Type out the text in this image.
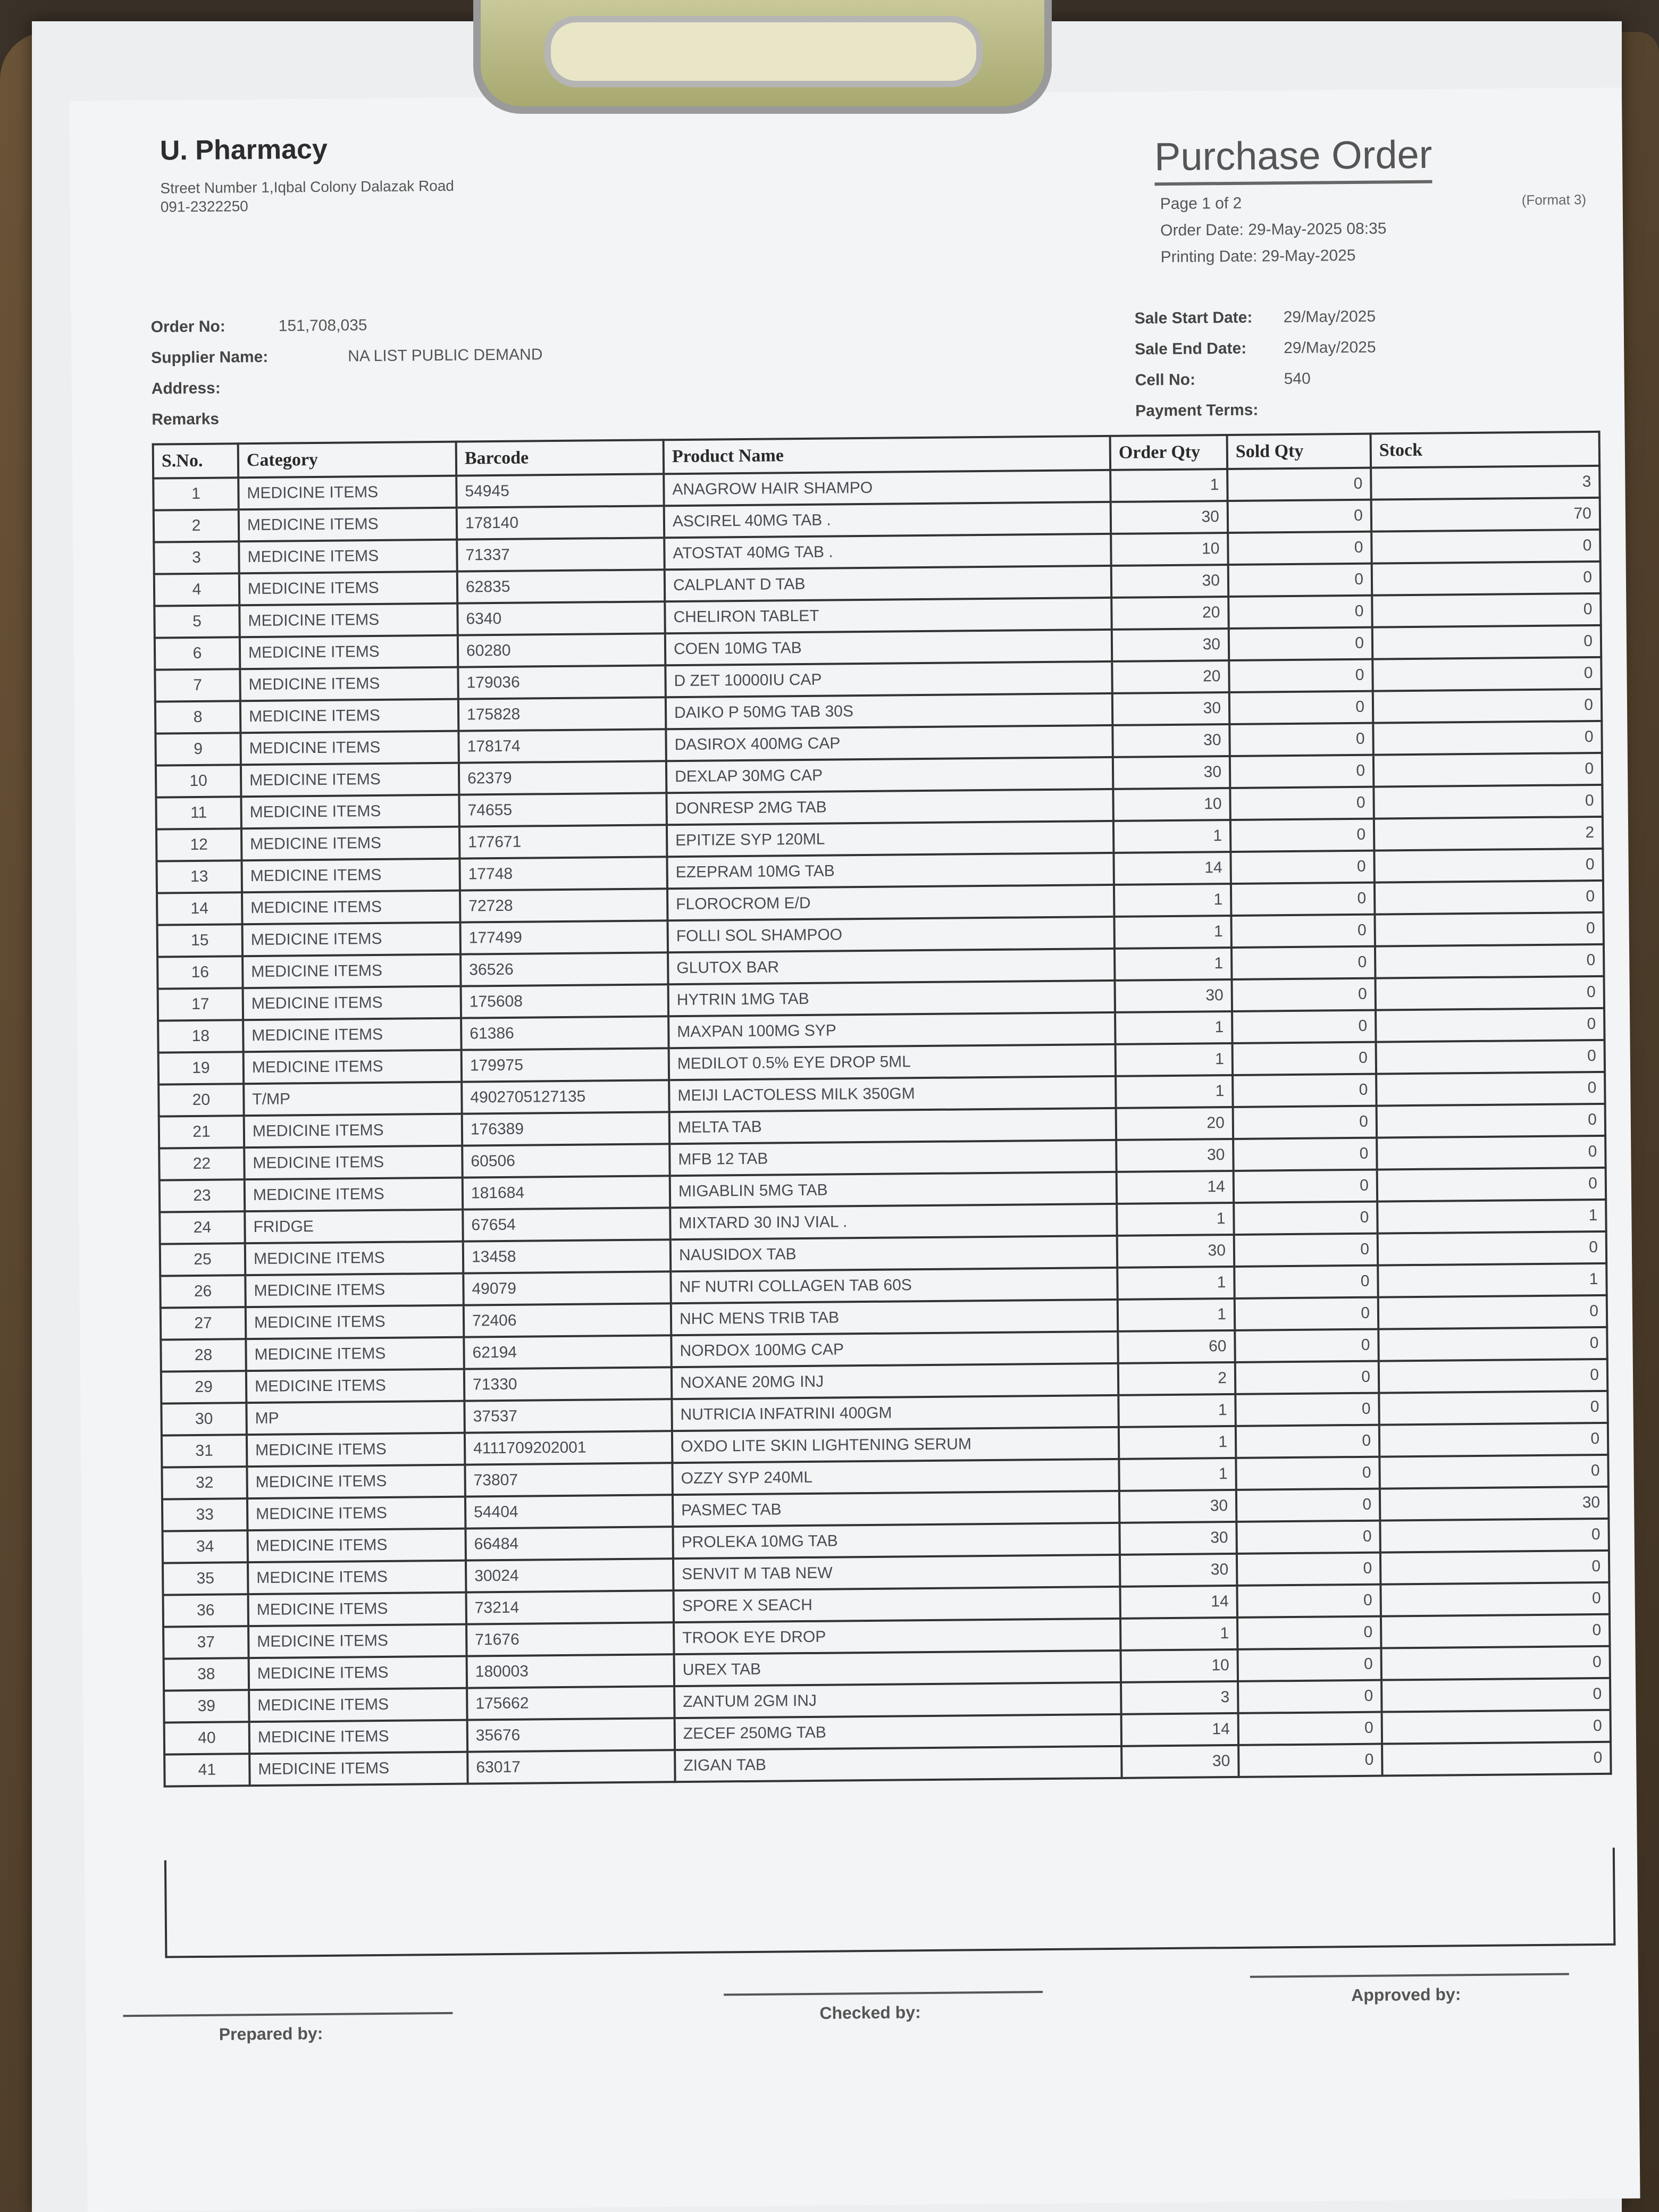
U. Pharmacy
Street Number 1,Iqbal Colony Dalazak Road
091-2322250
Purchase Order
Page 1 of 2	(Format 3)
Order Date: 29-May-2025 08:35
Printing Date: 29-May-2025
Order No:	151,708,035
Supplier Name:	NA LIST PUBLIC DEMAND
Address:
Remarks
Sale Start Date: 29/May/2025
Sale End Date: 29/May/2025
Cell No:	540
Payment Terms:
S.No.	Category	Barcode	Product Name	Order Qty	Sold Qty	Stock
1	MEDICINE ITEMS	54945	ANAGROW HAIR SHAMPO	1	0	3
2	MEDICINE ITEMS	178140	ASCIREL 40MG TAB .	30	0	70
3	MEDICINE ITEMS	71337	ATOSTAT 40MG TAB .	10	0	0
4	MEDICINE ITEMS	62835	CALPLANT D TAB	30	0	0
5	MEDICINE ITEMS	6340	CHELIRON TABLET	20	0	0
6	MEDICINE ITEMS	60280	COEN 10MG TAB	30	0	0
7	MEDICINE ITEMS	179036	D ZET 10000IU CAP	20	0	0
8	MEDICINE ITEMS	175828	DAIKO P 50MG TAB 30S	30	0	0
9	MEDICINE ITEMS	178174	DASIROX 400MG CAP	30	0	0
10	MEDICINE ITEMS	62379	DEXLAP 30MG CAP	30	0	0
11	MEDICINE ITEMS	74655	DONRESP 2MG TAB	10	0	0
12	MEDICINE ITEMS	177671	EPITIZE SYP 120ML	1	0	2
13	MEDICINE ITEMS	17748	EZEPRAM 10MG TAB	14	0	0
14	MEDICINE ITEMS	72728	FLOROCROM E/D	1	0	0
15	MEDICINE ITEMS	177499	FOLLI SOL SHAMPOO	1	0	0
16	MEDICINE ITEMS	36526	GLUTOX BAR	1	0	0
17	MEDICINE ITEMS	175608	HYTRIN 1MG TAB	30	0	0
18	MEDICINE ITEMS	61386	MAXPAN 100MG SYP	1	0	0
19	MEDICINE ITEMS	179975	MEDILOT 0.5% EYE DROP 5ML	1	0	0
20	T/MP	4902705127135	MEIJI LACTOLESS MILK 350GM	1	0	0
21	MEDICINE ITEMS	176389	MELTA TAB	20	0	0
22	MEDICINE ITEMS	60506	MFB 12 TAB	30	0	0
23	MEDICINE ITEMS	181684	MIGABLIN 5MG TAB	14	0	0
24	FRIDGE	67654	MIXTARD 30 INJ VIAL .	1	0	1
25	MEDICINE ITEMS	13458	NAUSIDOX TAB	30	0	0
26	MEDICINE ITEMS	49079	NF NUTRI COLLAGEN TAB 60S	1	0	1
27	MEDICINE ITEMS	72406	NHC MENS TRIB TAB	1	0	0
28	MEDICINE ITEMS	62194	NORDOX 100MG CAP	60	0	0
29	MEDICINE ITEMS	71330	NOXANE 20MG INJ	2	0	0
30	MP	37537	NUTRICIA INFATRINI 400GM	1	0	0
31	MEDICINE ITEMS	4111709202001	OXDO LITE SKIN LIGHTENING SERUM	1	0	0
32	MEDICINE ITEMS	73807	OZZY SYP 240ML	1	0	0
33	MEDICINE ITEMS	54404	PASMEC TAB	30	0	30
34	MEDICINE ITEMS	66484	PROLEKA 10MG TAB	30	0	0
35	MEDICINE ITEMS	30024	SENVIT M TAB NEW	30	0	0
36	MEDICINE ITEMS	73214	SPORE X SEACH	14	0	0
37	MEDICINE ITEMS	71676	TROOK EYE DROP	1	0	0
38	MEDICINE ITEMS	180003	UREX TAB	10	0	0
39	MEDICINE ITEMS	175662	ZANTUM 2GM INJ	3	0	0
40	MEDICINE ITEMS	35676	ZECEF 250MG TAB	14	0	0
41	MEDICINE ITEMS	63017	ZIGAN TAB	30	0	0
Prepared by:
Checked by:
Approved by:
